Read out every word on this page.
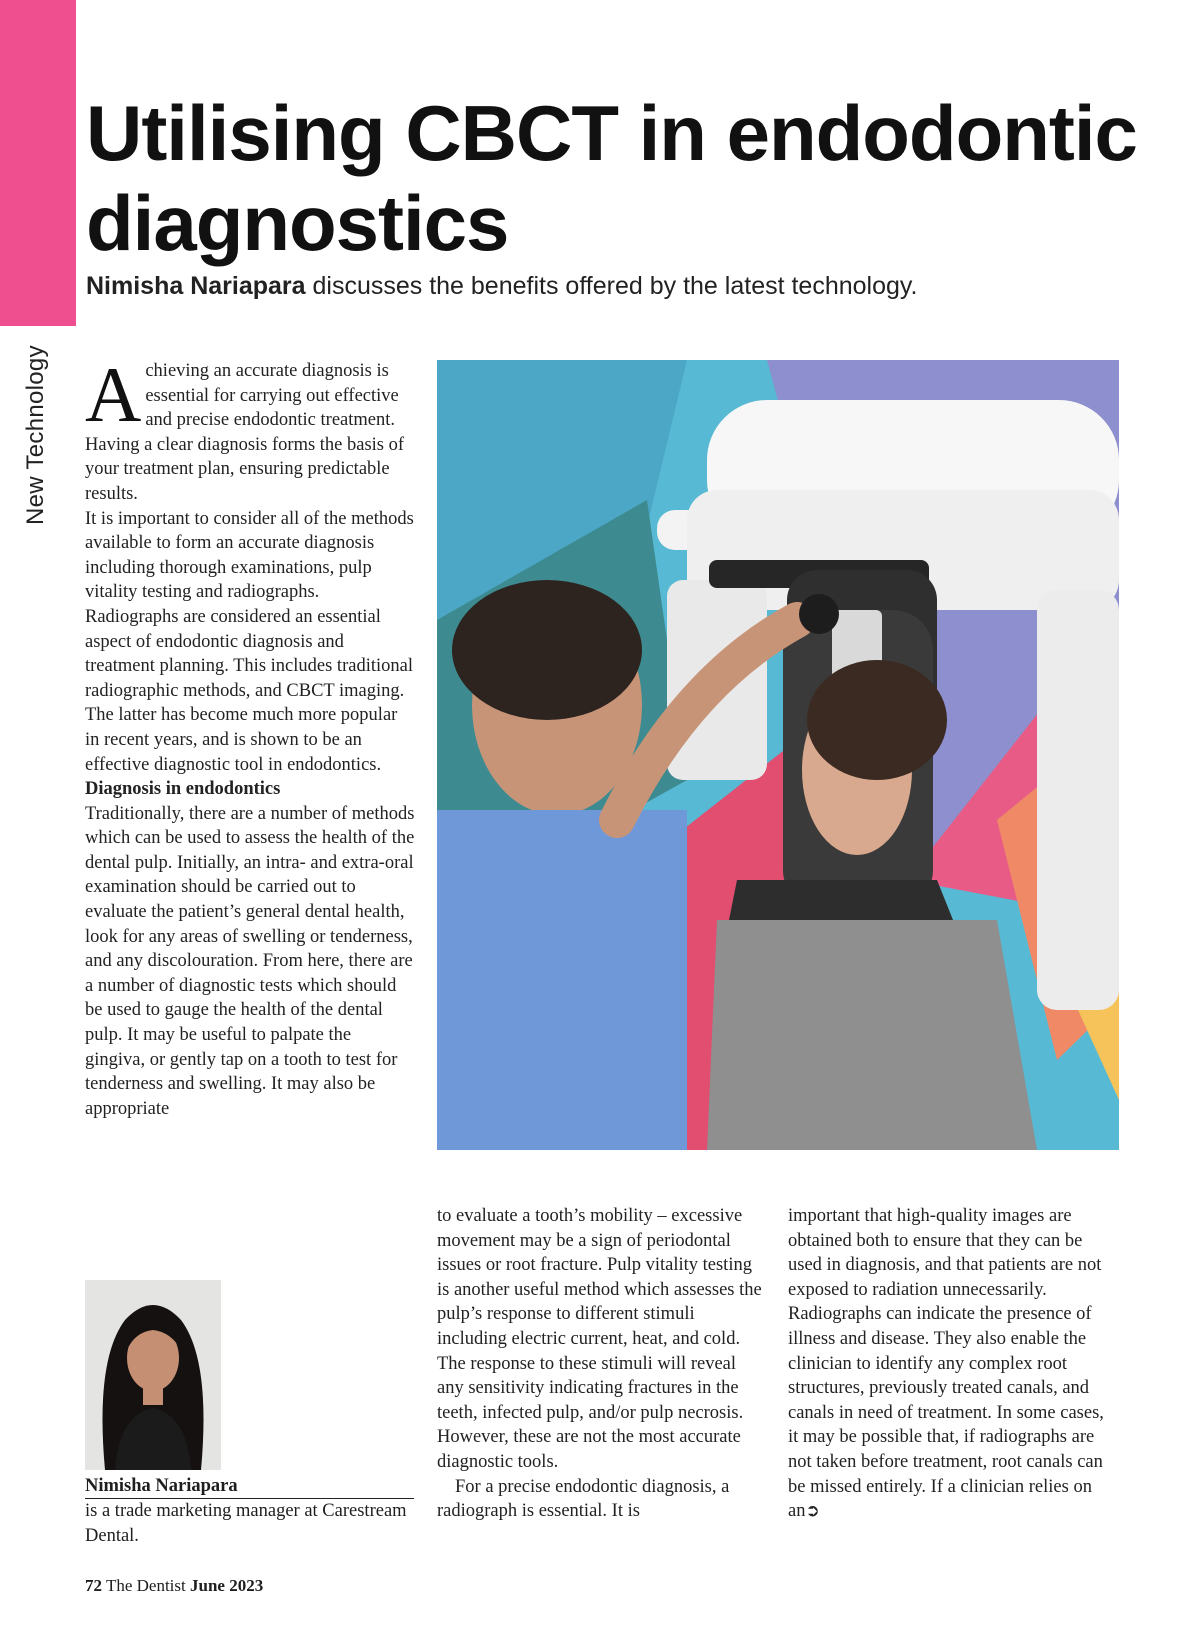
New Technology
Utilising CBCT in endodontic diagnostics
Nimisha Nariapara discusses the benefits offered by the latest technology.

Achieving an accurate diagnosis is essential for carrying out effective and precise endodontic treatment. Having a clear diagnosis forms the basis of your treatment plan, ensuring predictable results.

It is important to consider all of the methods available to form an accurate diagnosis including thorough examinations, pulp vitality testing and radiographs. Radiographs are considered an essential aspect of endodontic diagnosis and treatment planning. This includes traditional radiographic methods, and CBCT imaging. The latter has become much more popular in recent years, and is shown to be an effective diagnostic tool in endodontics.

Diagnosis in endodontics

Traditionally, there are a number of methods which can be used to assess the health of the dental pulp. Initially, an intra- and extra-oral examination should be carried out to evaluate the patient’s general dental health, look for any areas of swelling or tenderness, and any discolouration. From here, there are a number of diagnostic tests which should be used to gauge the health of the dental pulp. It may be useful to palpate the gingiva, or gently tap on a tooth to test for tenderness and swelling. It may also be appropriate

to evaluate a tooth’s mobility – excessive movement may be a sign of periodontal issues or root fracture. Pulp vitality testing is another useful method which assesses the pulp’s response to different stimuli including electric current, heat, and cold. The response to these stimuli will reveal any sensitivity indicating fractures in the teeth, infected pulp, and/or pulp necrosis. However, these are not the most accurate diagnostic tools.

For a precise endodontic diagnosis, a radiograph is essential. It is

important that high-quality images are obtained both to ensure that they can be used in diagnosis, and that patients are not exposed to radiation unnecessarily. Radiographs can indicate the presence of illness and disease. They also enable the clinician to identify any complex root structures, previously treated canals, and canals in need of treatment. In some cases, it may be possible that, if radiographs are not taken before treatment, root canals can be missed entirely. If a clinician relies on an➲

Nimisha Nariapara
is a trade marketing manager at Carestream Dental.
72 The Dentist June 2023
